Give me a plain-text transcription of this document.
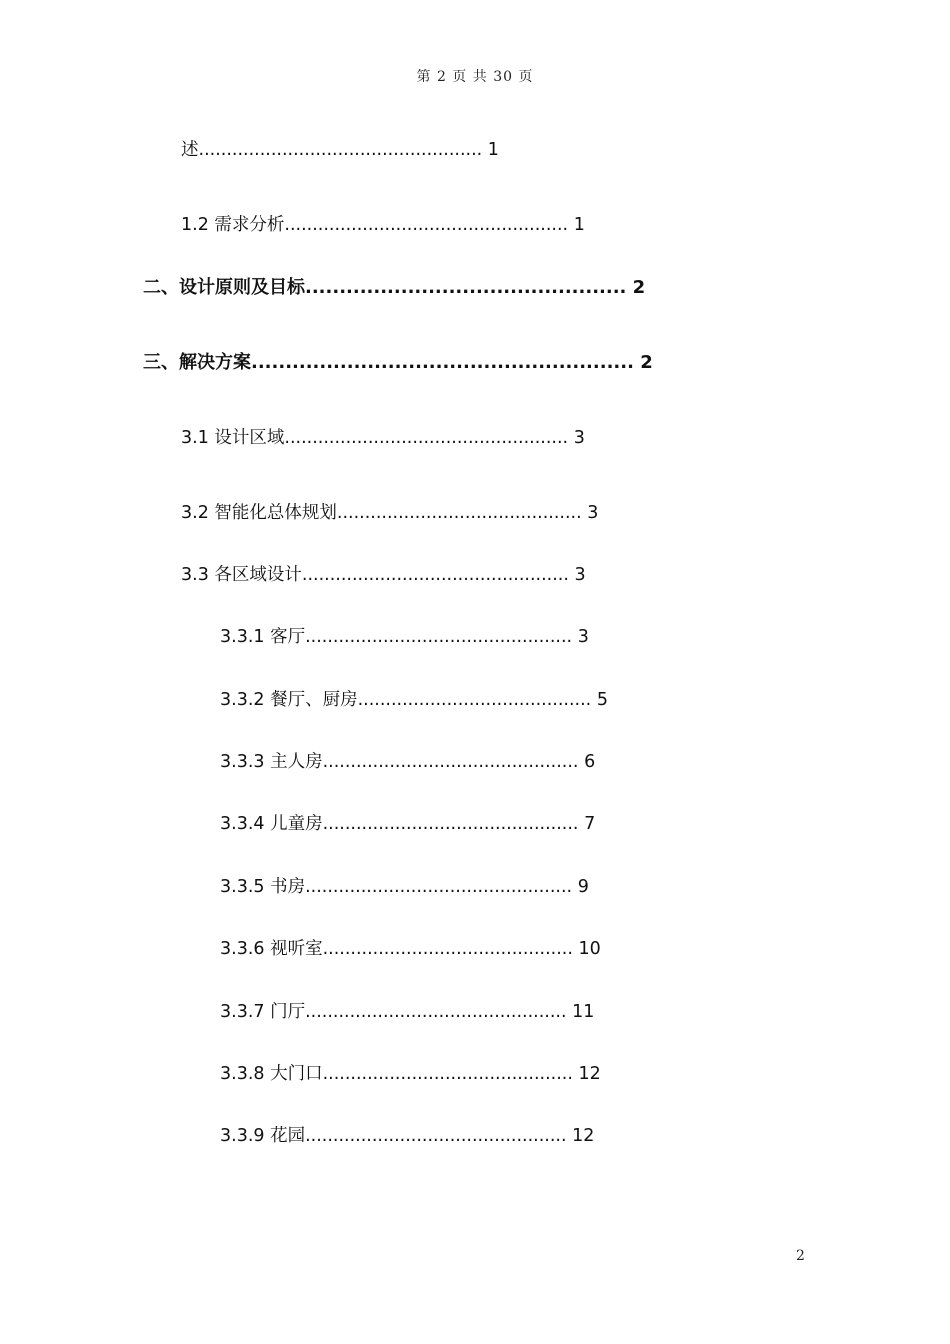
第 2 页 共 30 页
述................................................... 1
1.2 需求分析................................................... 1
二、设计原则及目标............................................... 2
三、解决方案........................................................ 2
3.1 设计区域................................................... 3
3.2 智能化总体规划............................................ 3
3.3 各区域设计................................................ 3
3.3.1 客厅................................................ 3
3.3.2 餐厅、厨房.......................................... 5
3.3.3 主人房.............................................. 6
3.3.4 儿童房.............................................. 7
3.3.5 书房................................................ 9
3.3.6 视听室............................................. 10
3.3.7 门厅............................................... 11
3.3.8 大门口............................................. 12
3.3.9 花园............................................... 12
2
